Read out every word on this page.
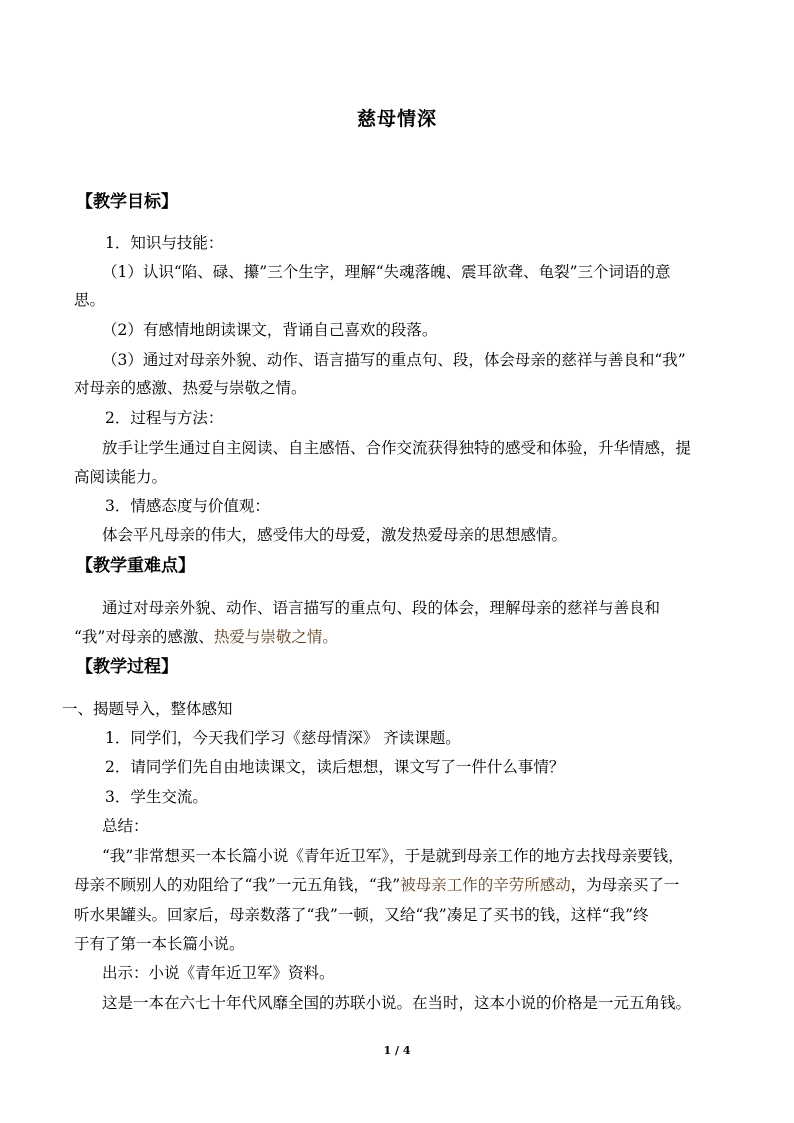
慈母情深
【教学目标】
1．知识与技能：
（1）认识“陷、碌、攥”三个生字，理解“失魂落魄、震耳欲聋、龟裂”三个词语的意
思。
（2）有感情地朗读课文，背诵自己喜欢的段落。
（3）通过对母亲外貌、动作、语言描写的重点句、段，体会母亲的慈祥与善良和“我”
对母亲的感激、热爱与崇敬之情。
2．过程与方法：
放手让学生通过自主阅读、自主感悟、合作交流获得独特的感受和体验，升华情感，提
高阅读能力。
3．情感态度与价值观：
体会平凡母亲的伟大，感受伟大的母爱，激发热爱母亲的思想感情。
【教学重难点】
通过对母亲外貌、动作、语言描写的重点句、段的体会，理解母亲的慈祥与善良和
“我”对母亲的感激、热爱与崇敬之情。
【教学过程】
一、揭题导入，整体感知
1．同学们，今天我们学习《慈母情深》 齐读课题。
2．请同学们先自由地读课文，读后想想，课文写了一件什么事情？
3．学生交流。
总结：
“我”非常想买一本长篇小说《青年近卫军》，于是就到母亲工作的地方去找母亲要钱，
母亲不顾别人的劝阻给了“我”一元五角钱，“我”被母亲工作的辛劳所感动，为母亲买了一
听水果罐头。回家后，母亲数落了“我”一顿，又给“我”凑足了买书的钱，这样“我”终
于有了第一本长篇小说。
出示：小说《青年近卫军》资料。
这是一本在六七十年代风靡全国的苏联小说。在当时，这本小说的价格是一元五角钱。
1 / 4
